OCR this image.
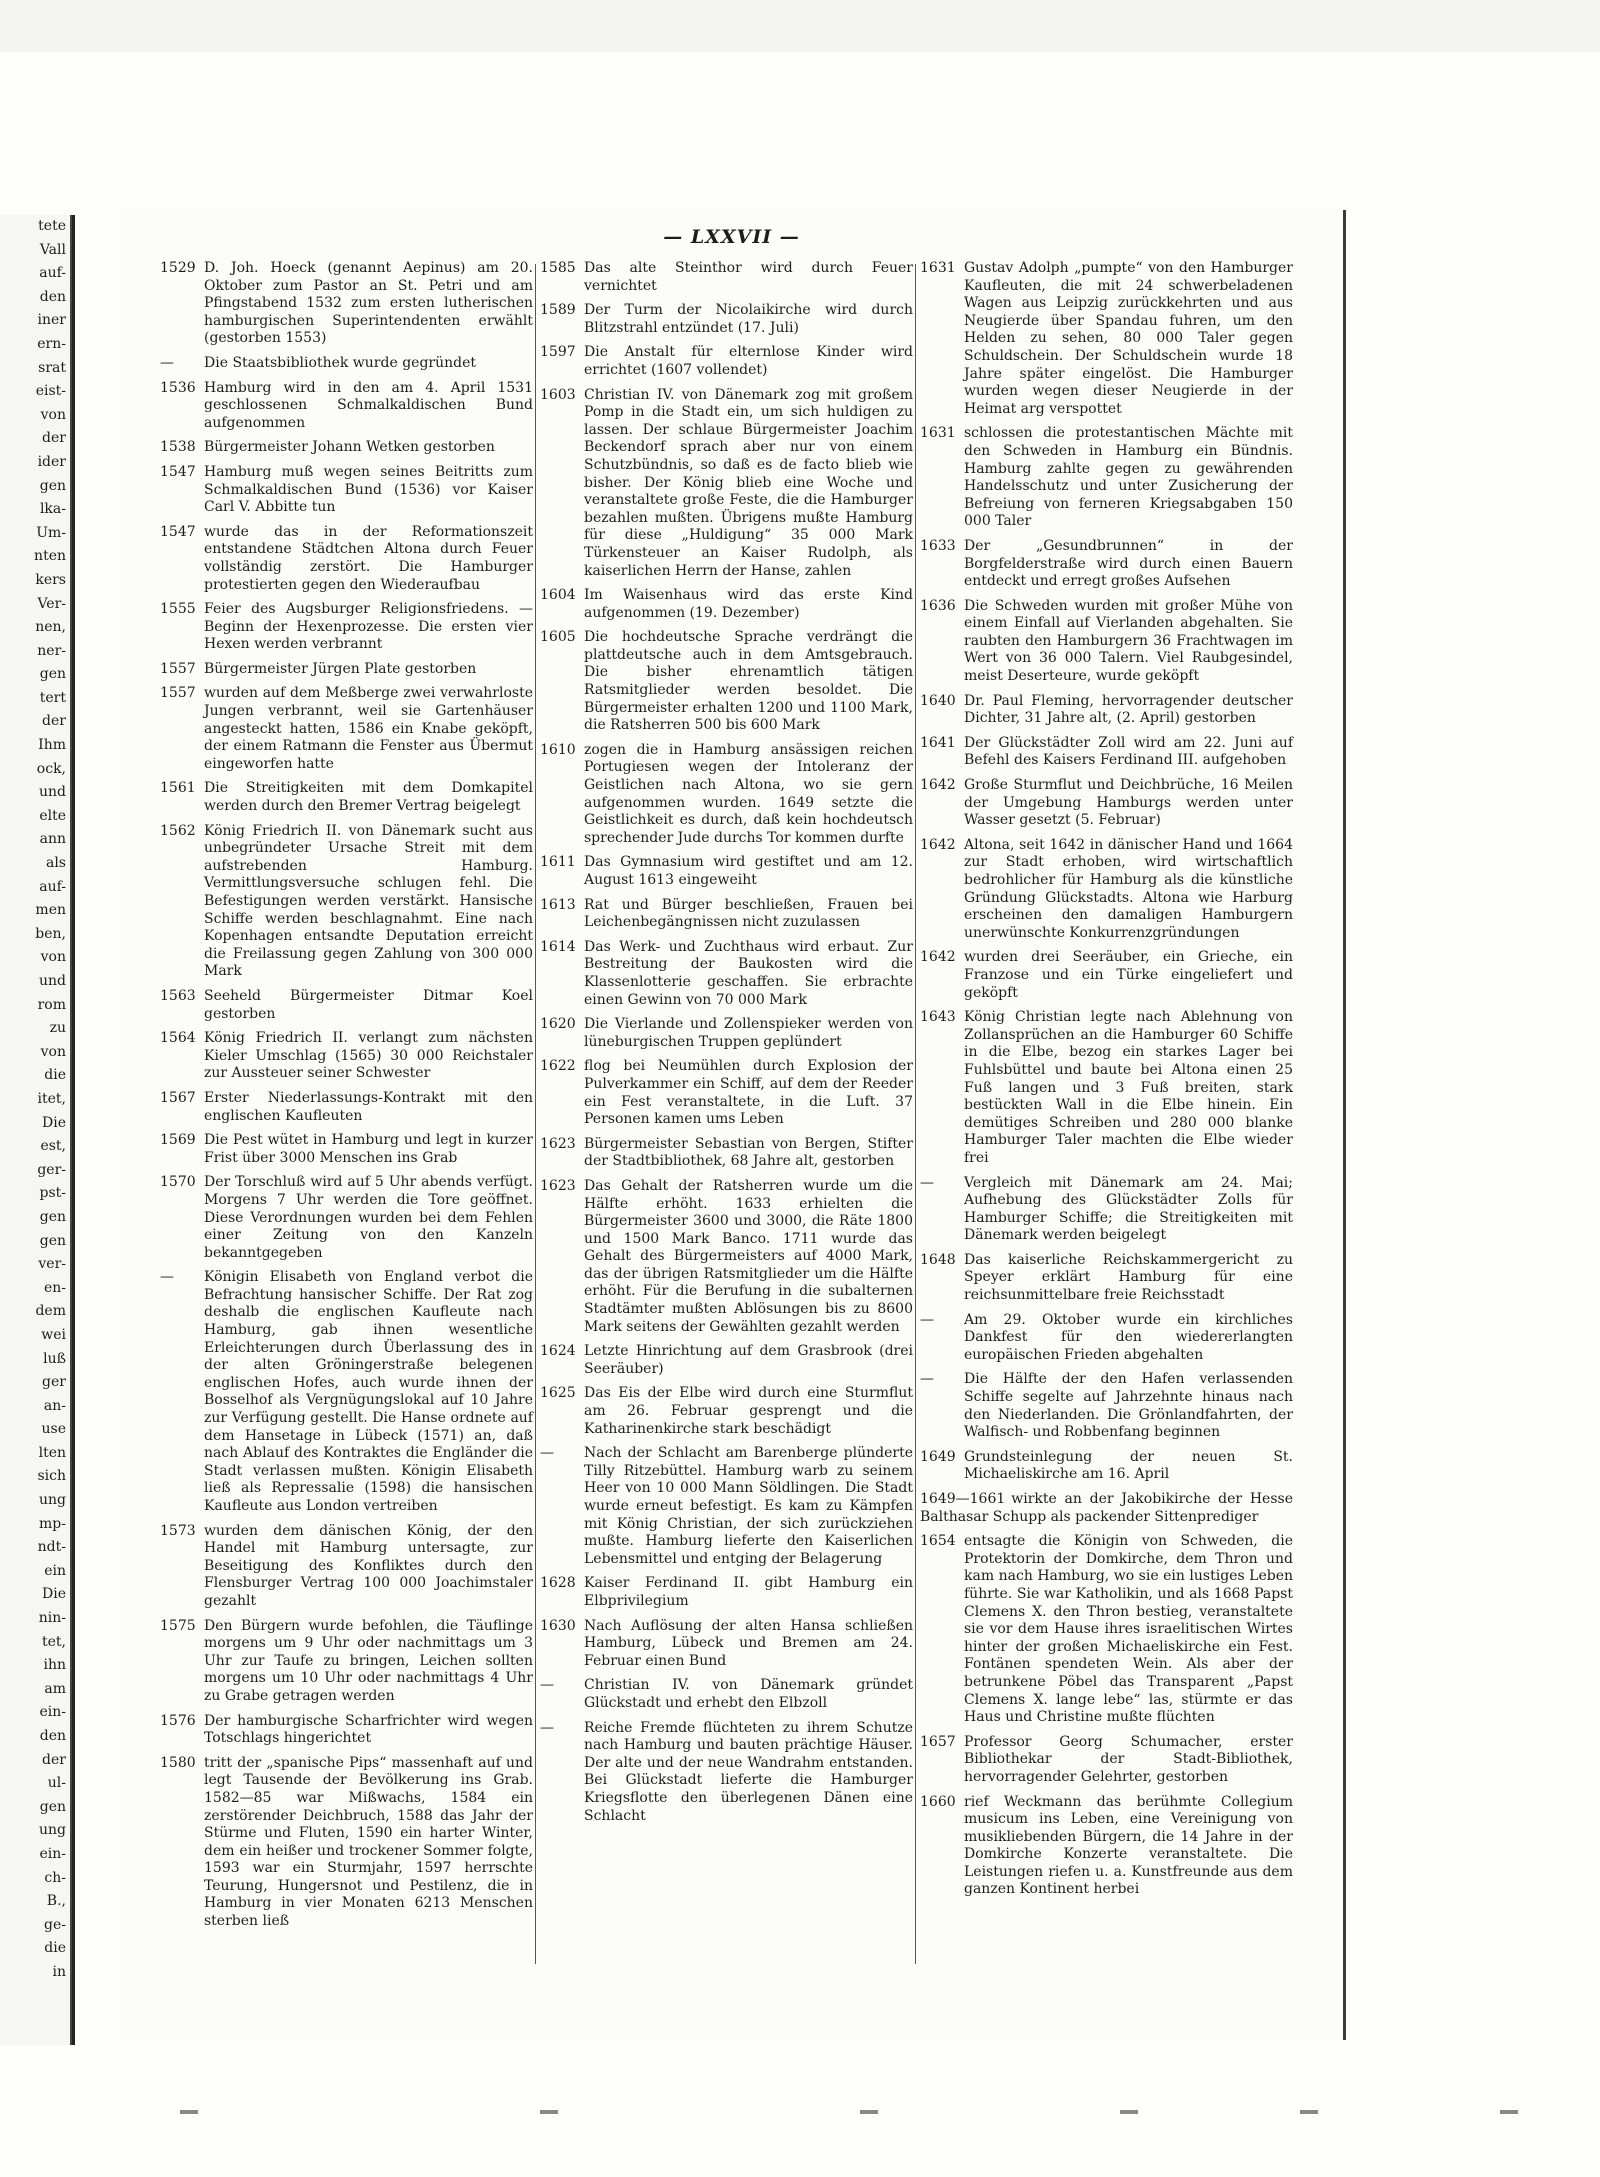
tete
Vall
auf-
den
iner
ern-
srat
eist-
von
der
ider
gen
lka-
Um-
nten
kers
Ver-
nen,
ner-
gen
tert
der
Ihm
ock,
und
elte
ann
als
auf-
men
ben,
von
und
rom
zu
von
die
itet,
Die
est,
ger-
pst-
gen
gen
ver-
en-
dem
wei
luß
ger
an-
use
lten
sich
ung
mp-
ndt-
ein
Die
nin-
tet,
ihn
am
ein-
den
der
ul-
gen
ung
ein-
ch-
B.,
ge-
die
in
— LXXVII —
1529 D. Joh. Hoeck (genannt Aepinus) am 20. Oktober zum Pastor an St. Petri und am Pfingstabend 1532 zum ersten lutherischen hamburgischen Superintendenten erwählt (gestorben 1553)
— Die Staatsbibliothek wurde gegründet
1536 Hamburg wird in den am 4. April 1531 geschlossenen Schmalkaldischen Bund aufgenommen
1538 Bürgermeister Johann Wetken gestorben
1547 Hamburg muß wegen seines Beitritts zum Schmalkaldischen Bund (1536) vor Kaiser Carl V. Abbitte tun
1547 wurde das in der Reformationszeit entstandene Städtchen Altona durch Feuer vollständig zerstört. Die Hamburger protestierten gegen den Wiederaufbau
1555 Feier des Augsburger Religionsfriedens. — Beginn der Hexenprozesse. Die ersten vier Hexen werden verbrannt
1557 Bürgermeister Jürgen Plate gestorben
1557 wurden auf dem Meßberge zwei verwahrloste Jungen verbrannt, weil sie Gartenhäuser angesteckt hatten, 1586 ein Knabe geköpft, der einem Ratmann die Fenster aus Übermut eingeworfen hatte
1561 Die Streitigkeiten mit dem Domkapitel werden durch den Bremer Vertrag beigelegt
1562 König Friedrich II. von Dänemark sucht aus unbegründeter Ursache Streit mit dem aufstrebenden Hamburg. Vermittlungsversuche schlugen fehl. Die Befestigungen werden verstärkt. Hansische Schiffe werden beschlagnahmt. Eine nach Kopenhagen entsandte Deputation erreicht die Freilassung gegen Zahlung von 300 000 Mark
1563 Seeheld Bürgermeister Ditmar Koel gestorben
1564 König Friedrich II. verlangt zum nächsten Kieler Umschlag (1565) 30 000 Reichstaler zur Aussteuer seiner Schwester
1567 Erster Niederlassungs-Kontrakt mit den englischen Kaufleuten
1569 Die Pest wütet in Hamburg und legt in kurzer Frist über 3000 Menschen ins Grab
1570 Der Torschluß wird auf 5 Uhr abends verfügt. Morgens 7 Uhr werden die Tore geöffnet. Diese Verordnungen wurden bei dem Fehlen einer Zeitung von den Kanzeln bekanntgegeben
— Königin Elisabeth von England verbot die Befrachtung hansischer Schiffe. Der Rat zog deshalb die englischen Kaufleute nach Hamburg, gab ihnen wesentliche Erleichterungen durch Überlassung des in der alten Gröningerstraße belegenen englischen Hofes, auch wurde ihnen der Bosselhof als Vergnügungslokal auf 10 Jahre zur Verfügung gestellt. Die Hanse ordnete auf dem Hansetage in Lübeck (1571) an, daß nach Ablauf des Kontraktes die Engländer die Stadt verlassen mußten. Königin Elisabeth ließ als Repressalie (1598) die hansischen Kaufleute aus London vertreiben
1573 wurden dem dänischen König, der den Handel mit Hamburg untersagte, zur Beseitigung des Konfliktes durch den Flensburger Vertrag 100 000 Joachimstaler gezahlt
1575 Den Bürgern wurde befohlen, die Täuflinge morgens um 9 Uhr oder nachmittags um 3 Uhr zur Taufe zu bringen, Leichen sollten morgens um 10 Uhr oder nachmittags 4 Uhr zu Grabe getragen werden
1576 Der hamburgische Scharfrichter wird wegen Totschlags hingerichtet
1580 tritt der „spanische Pips“ massenhaft auf und legt Tausende der Bevölkerung ins Grab. 1582—85 war Mißwachs, 1584 ein zerstörender Deichbruch, 1588 das Jahr der Stürme und Fluten, 1590 ein harter Winter, dem ein heißer und trockener Sommer folgte, 1593 war ein Sturmjahr, 1597 herrschte Teurung, Hungersnot und Pestilenz, die in Hamburg in vier Monaten 6213 Menschen sterben ließ
1585 Das alte Steinthor wird durch Feuer vernichtet
1589 Der Turm der Nicolaikirche wird durch Blitzstrahl entzündet (17. Juli)
1597 Die Anstalt für elternlose Kinder wird errichtet (1607 vollendet)
1603 Christian IV. von Dänemark zog mit großem Pomp in die Stadt ein, um sich huldigen zu lassen. Der schlaue Bürgermeister Joachim Beckendorf sprach aber nur von einem Schutzbündnis, so daß es de facto blieb wie bisher. Der König blieb eine Woche und veranstaltete große Feste, die die Hamburger bezahlen mußten. Übrigens mußte Hamburg für diese „Huldigung“ 35 000 Mark Türkensteuer an Kaiser Rudolph, als kaiserlichen Herrn der Hanse, zahlen
1604 Im Waisenhaus wird das erste Kind aufgenommen (19. Dezember)
1605 Die hochdeutsche Sprache verdrängt die plattdeutsche auch in dem Amtsgebrauch. Die bisher ehrenamtlich tätigen Ratsmitglieder werden besoldet. Die Bürgermeister erhalten 1200 und 1100 Mark, die Ratsherren 500 bis 600 Mark
1610 zogen die in Hamburg ansässigen reichen Portugiesen wegen der Intoleranz der Geistlichen nach Altona, wo sie gern aufgenommen wurden. 1649 setzte die Geistlichkeit es durch, daß kein hochdeutsch sprechender Jude durchs Tor kommen durfte
1611 Das Gymnasium wird gestiftet und am 12. August 1613 eingeweiht
1613 Rat und Bürger beschließen, Frauen bei Leichenbegängnissen nicht zuzulassen
1614 Das Werk- und Zuchthaus wird erbaut. Zur Bestreitung der Baukosten wird die Klassenlotterie geschaffen. Sie erbrachte einen Gewinn von 70 000 Mark
1620 Die Vierlande und Zollenspieker werden von lüneburgischen Truppen geplündert
1622 flog bei Neumühlen durch Explosion der Pulverkammer ein Schiff, auf dem der Reeder ein Fest veranstaltete, in die Luft. 37 Personen kamen ums Leben
1623 Bürgermeister Sebastian von Bergen, Stifter der Stadtbibliothek, 68 Jahre alt, gestorben
1623 Das Gehalt der Ratsherren wurde um die Hälfte erhöht. 1633 erhielten die Bürgermeister 3600 und 3000, die Räte 1800 und 1500 Mark Banco. 1711 wurde das Gehalt des Bürgermeisters auf 4000 Mark, das der übrigen Ratsmitglieder um die Hälfte erhöht. Für die Berufung in die subalternen Stadtämter mußten Ablösungen bis zu 8600 Mark seitens der Gewählten gezahlt werden
1624 Letzte Hinrichtung auf dem Grasbrook (drei Seeräuber)
1625 Das Eis der Elbe wird durch eine Sturmflut am 26. Februar gesprengt und die Katharinenkirche stark beschädigt
— Nach der Schlacht am Barenberge plünderte Tilly Ritzebüttel. Hamburg warb zu seinem Heer von 10 000 Mann Söldlingen. Die Stadt wurde erneut befestigt. Es kam zu Kämpfen mit König Christian, der sich zurückziehen mußte. Hamburg lieferte den Kaiserlichen Lebensmittel und entging der Belagerung
1628 Kaiser Ferdinand II. gibt Hamburg ein Elbprivilegium
1630 Nach Auflösung der alten Hansa schließen Hamburg, Lübeck und Bremen am 24. Februar einen Bund
— Christian IV. von Dänemark gründet Glückstadt und erhebt den Elbzoll
— Reiche Fremde flüchteten zu ihrem Schutze nach Hamburg und bauten prächtige Häuser. Der alte und der neue Wandrahm entstanden. Bei Glückstadt lieferte die Hamburger Kriegsflotte den überlegenen Dänen eine Schlacht
1631 Gustav Adolph „pumpte“ von den Hamburger Kaufleuten, die mit 24 schwerbeladenen Wagen aus Leipzig zurückkehrten und aus Neugierde über Spandau fuhren, um den Helden zu sehen, 80 000 Taler gegen Schuldschein. Der Schuldschein wurde 18 Jahre später eingelöst. Die Hamburger wurden wegen dieser Neugierde in der Heimat arg verspottet
1631 schlossen die protestantischen Mächte mit den Schweden in Hamburg ein Bündnis. Hamburg zahlte gegen zu gewährenden Handelsschutz und unter Zusicherung der Befreiung von ferneren Kriegsabgaben 150 000 Taler
1633 Der „Gesundbrunnen“ in der Borgfelderstraße wird durch einen Bauern entdeckt und erregt großes Aufsehen
1636 Die Schweden wurden mit großer Mühe von einem Einfall auf Vierlanden abgehalten. Sie raubten den Hamburgern 36 Frachtwagen im Wert von 36 000 Talern. Viel Raubgesindel, meist Deserteure, wurde geköpft
1640 Dr. Paul Fleming, hervorragender deutscher Dichter, 31 Jahre alt, (2. April) gestorben
1641 Der Glückstädter Zoll wird am 22. Juni auf Befehl des Kaisers Ferdinand III. aufgehoben
1642 Große Sturmflut und Deichbrüche, 16 Meilen der Umgebung Hamburgs werden unter Wasser gesetzt (5. Februar)
1642 Altona, seit 1642 in dänischer Hand und 1664 zur Stadt erhoben, wird wirtschaftlich bedrohlicher für Hamburg als die künstliche Gründung Glückstadts. Altona wie Harburg erscheinen den damaligen Hamburgern unerwünschte Konkurrenzgründungen
1642 wurden drei Seeräuber, ein Grieche, ein Franzose und ein Türke eingeliefert und geköpft
1643 König Christian legte nach Ablehnung von Zollansprüchen an die Hamburger 60 Schiffe in die Elbe, bezog ein starkes Lager bei Fuhlsbüttel und baute bei Altona einen 25 Fuß langen und 3 Fuß breiten, stark bestückten Wall in die Elbe hinein. Ein demütiges Schreiben und 280 000 blanke Hamburger Taler machten die Elbe wieder frei
— Vergleich mit Dänemark am 24. Mai; Aufhebung des Glückstädter Zolls für Hamburger Schiffe; die Streitigkeiten mit Dänemark werden beigelegt
1648 Das kaiserliche Reichskammergericht zu Speyer erklärt Hamburg für eine reichsunmittelbare freie Reichsstadt
— Am 29. Oktober wurde ein kirchliches Dankfest für den wiedererlangten europäischen Frieden abgehalten
— Die Hälfte der den Hafen verlassenden Schiffe segelte auf Jahrzehnte hinaus nach den Niederlanden. Die Grönlandfahrten, der Walfisch- und Robbenfang beginnen
1649 Grundsteinlegung der neuen St. Michaeliskirche am 16. April
1649—1661 wirkte an der Jakobikirche der Hesse Balthasar Schupp als packender Sittenprediger
1654 entsagte die Königin von Schweden, die Protektorin der Domkirche, dem Thron und kam nach Hamburg, wo sie ein lustiges Leben führte. Sie war Katholikin, und als 1668 Papst Clemens X. den Thron bestieg, veranstaltete sie vor dem Hause ihres israelitischen Wirtes hinter der großen Michaeliskirche ein Fest. Fontänen spendeten Wein. Als aber der betrunkene Pöbel das Transparent „Papst Clemens X. lange lebe“ las, stürmte er das Haus und Christine mußte flüchten
1657 Professor Georg Schumacher, erster Bibliothekar der Stadt-Bibliothek, hervorragender Gelehrter, gestorben
1660 rief Weckmann das berühmte Collegium musicum ins Leben, eine Vereinigung von musikliebenden Bürgern, die 14 Jahre in der Domkirche Konzerte veranstaltete. Die Leistungen riefen u. a. Kunstfreunde aus dem ganzen Kontinent herbei
